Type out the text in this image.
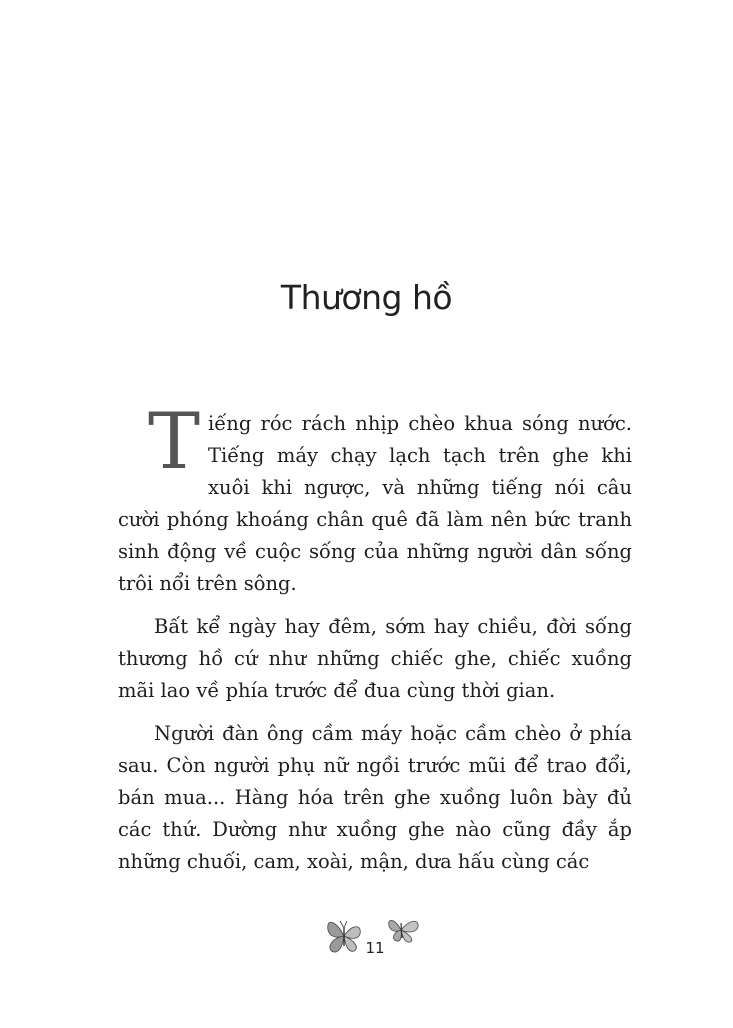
Thương hồ

Tiếng róc rách nhịp chèo khua sóng nước. Tiếng máy chạy lạch tạch trên ghe khi xuôi khi ngược, và những tiếng nói câu cười phóng khoáng chân quê đã làm nên bức tranh sinh động về cuộc sống của những người dân sống trôi nổi trên sông.

Bất kể ngày hay đêm, sớm hay chiều, đời sống thương hồ cứ như những chiếc ghe, chiếc xuồng mãi lao về phía trước để đua cùng thời gian.

Người đàn ông cầm máy hoặc cầm chèo ở phía sau. Còn người phụ nữ ngồi trước mũi để trao đổi, bán mua... Hàng hóa trên ghe xuồng luôn bày đủ các thứ. Dường như xuồng ghe nào cũng đầy ắp những chuối, cam, xoài, mận, dưa hấu cùng các

11
